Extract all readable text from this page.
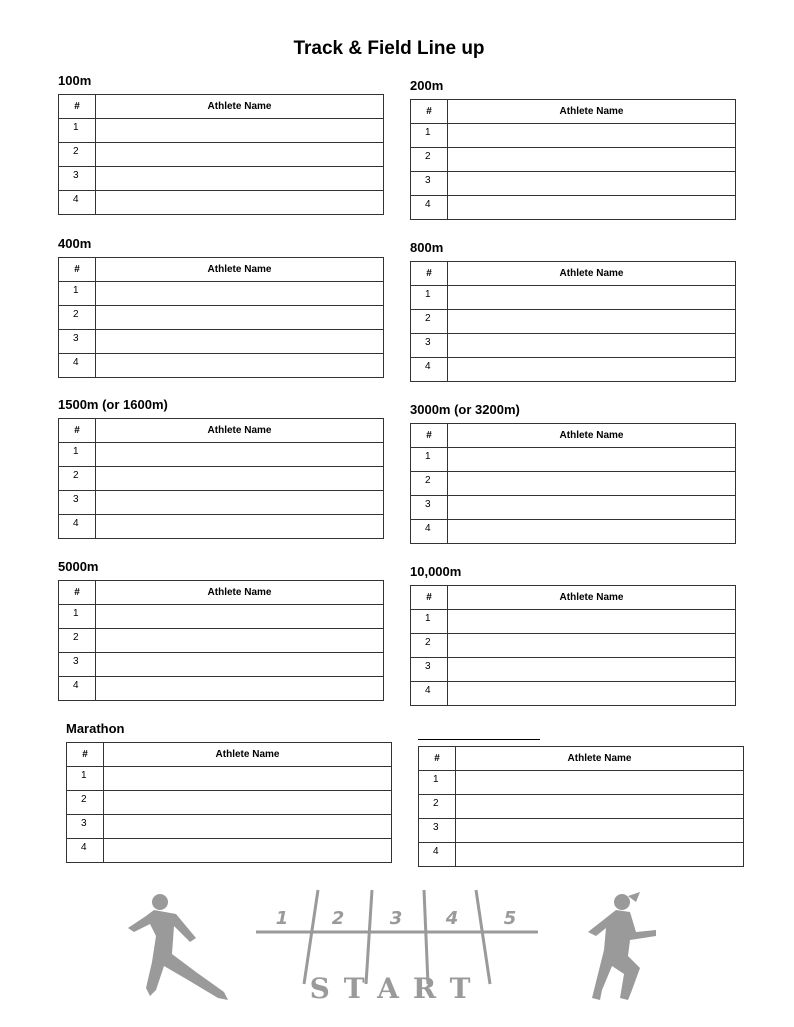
Track & Field Line up
100m
#	Athlete Name
1	
2	
3	
4	
200m
#	Athlete Name
1	
2	
3	
4	
400m
#	Athlete Name
1	
2	
3	
4	
800m
#	Athlete Name
1	
2	
3	
4	
1500m (or 1600m)
#	Athlete Name
1	
2	
3	
4	
3000m (or 3200m)
#	Athlete Name
1	
2	
3	
4	
5000m
#	Athlete Name
1	
2	
3	
4	
10,000m
#	Athlete Name
1	
2	
3	
4	
Marathon
#	Athlete Name
1	
2	
3	
4	
#	Athlete Name
1	
2	
3	
4	
1 2	3 4	5
START
